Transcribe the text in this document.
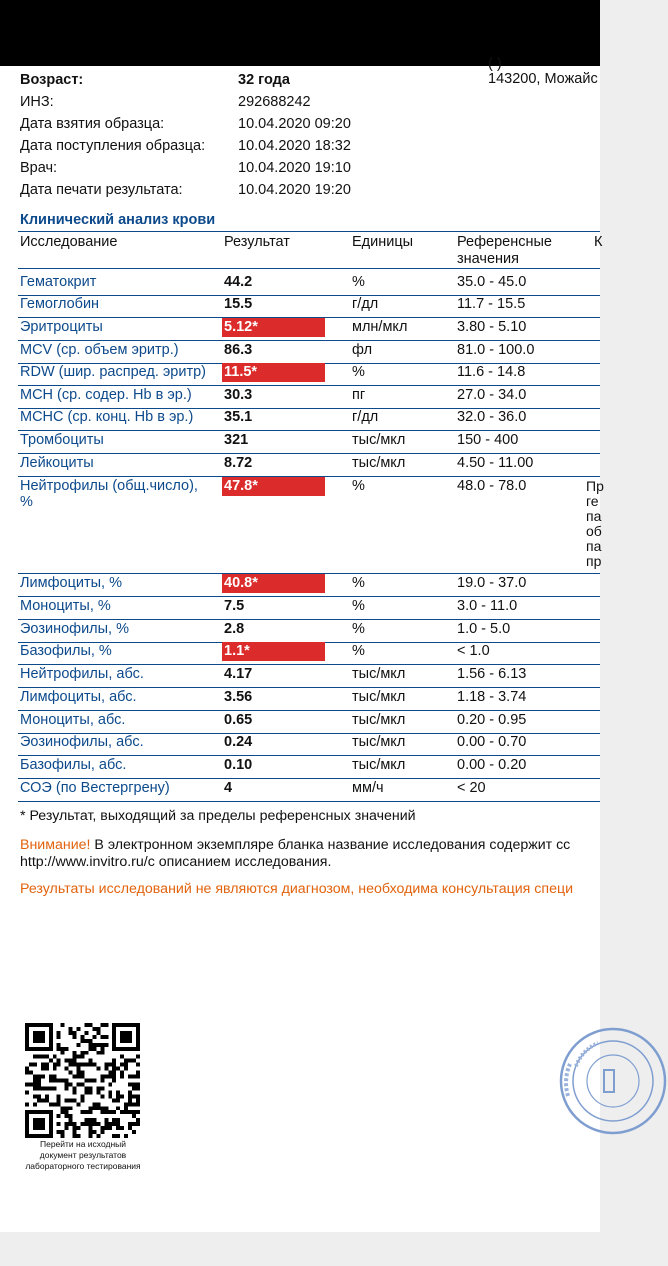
( )
143200, Можайс
Возраст:	32 года
ИНЗ:	292688242
Дата взятия образца:	10.04.2020 09:20
Дата поступления образца: 10.04.2020 18:32
Врач:	10.04.2020 19:10
Дата печати результата:	10.04.2020 19:20
Клинический анализ крови
Исследование	Результат	Единицы	Референсные
значения
К
* Результат, выходящий за пределы референсных значений
Внимание! В электронном экземпляре бланка название исследования содержит сс
http://www.invitro.ru/с описанием исследования.
Результаты исследований не являются диагнозом, необходима консультация специ
Перейти на исходный
документ результатов
лабораторного тестирования
Гематокрит	44.2	%	35.0 - 45.0
Гемоглобин	15.5	г/дл	11.7 - 15.5
Эритроциты	5.12*	млн/мкл	3.80 - 5.10
MCV (ср. объем эритр.)	86.3	фл	81.0 - 100.0
RDW (шир. распред. эритр) 11.5*	%	11.6 - 14.8
MCH (ср. содер. Hb в эр.) 30.3	пг	27.0 - 34.0
MCHC (ср. конц. Hb в эр.) 35.1	г/дл	32.0 - 36.0
Тромбоциты	321	тыс/мкл	150 - 400
Лейкоциты	8.72	тыс/мкл	4.50 - 11.00
Нейтрофилы (общ.число),
%
47.8*	%	48.0 - 78.0	Пр
ге
па
об
па
пр
Лимфоциты, %	40.8*	%	19.0 - 37.0
Моноциты, %	7.5	%	3.0 - 11.0
Эозинофилы, %	2.8	%	1.0 - 5.0
Базофилы, %	1.1*	%	< 1.0
Нейтрофилы, абс.	4.17	тыс/мкл	1.56 - 6.13
Лимфоциты, абс.	3.56	тыс/мкл	1.18 - 3.74
Моноциты, абс.	0.65	тыс/мкл	0.20 - 0.95
Эозинофилы, абс.	0.24	тыс/мкл	0.00 - 0.70
Базофилы, абс.	0.10	тыс/мкл	0.00 - 0.20
СОЭ (по Вестергрену)	4	мм/ч	< 20
